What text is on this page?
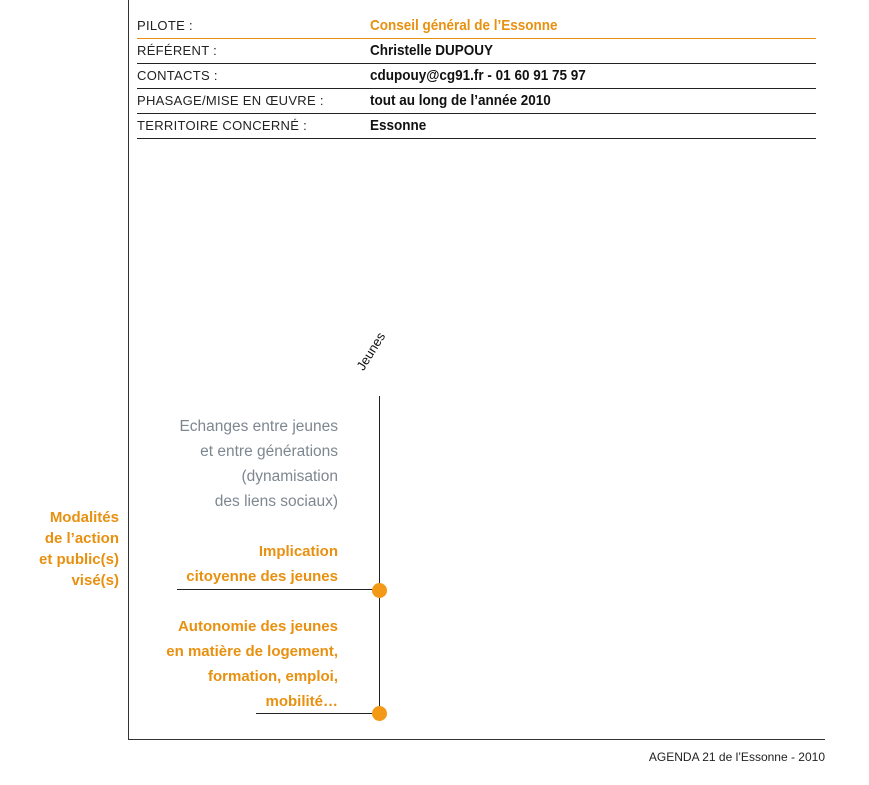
PILOTE :	Conseil général de l’Essonne
RÉFÉRENT :	Christelle DUPOUY
CONTACTS :	cdupouy@cg91.fr - 01 60 91 75 97
PHASAGE/MISE EN ŒUVRE :	tout au long de l’année 2010
TERRITOIRE CONCERNÉ :	Essonne
Jeunes
Echanges entre jeunes
et entre générations
(dynamisation
des liens sociaux)
Implication
citoyenne des jeunes
Autonomie des jeunes
en matière de logement,
formation, emploi,
mobilité…
Modalités
de l’action
et public(s)
visé(s)
AGENDA 21 de l’Essonne - 2010
